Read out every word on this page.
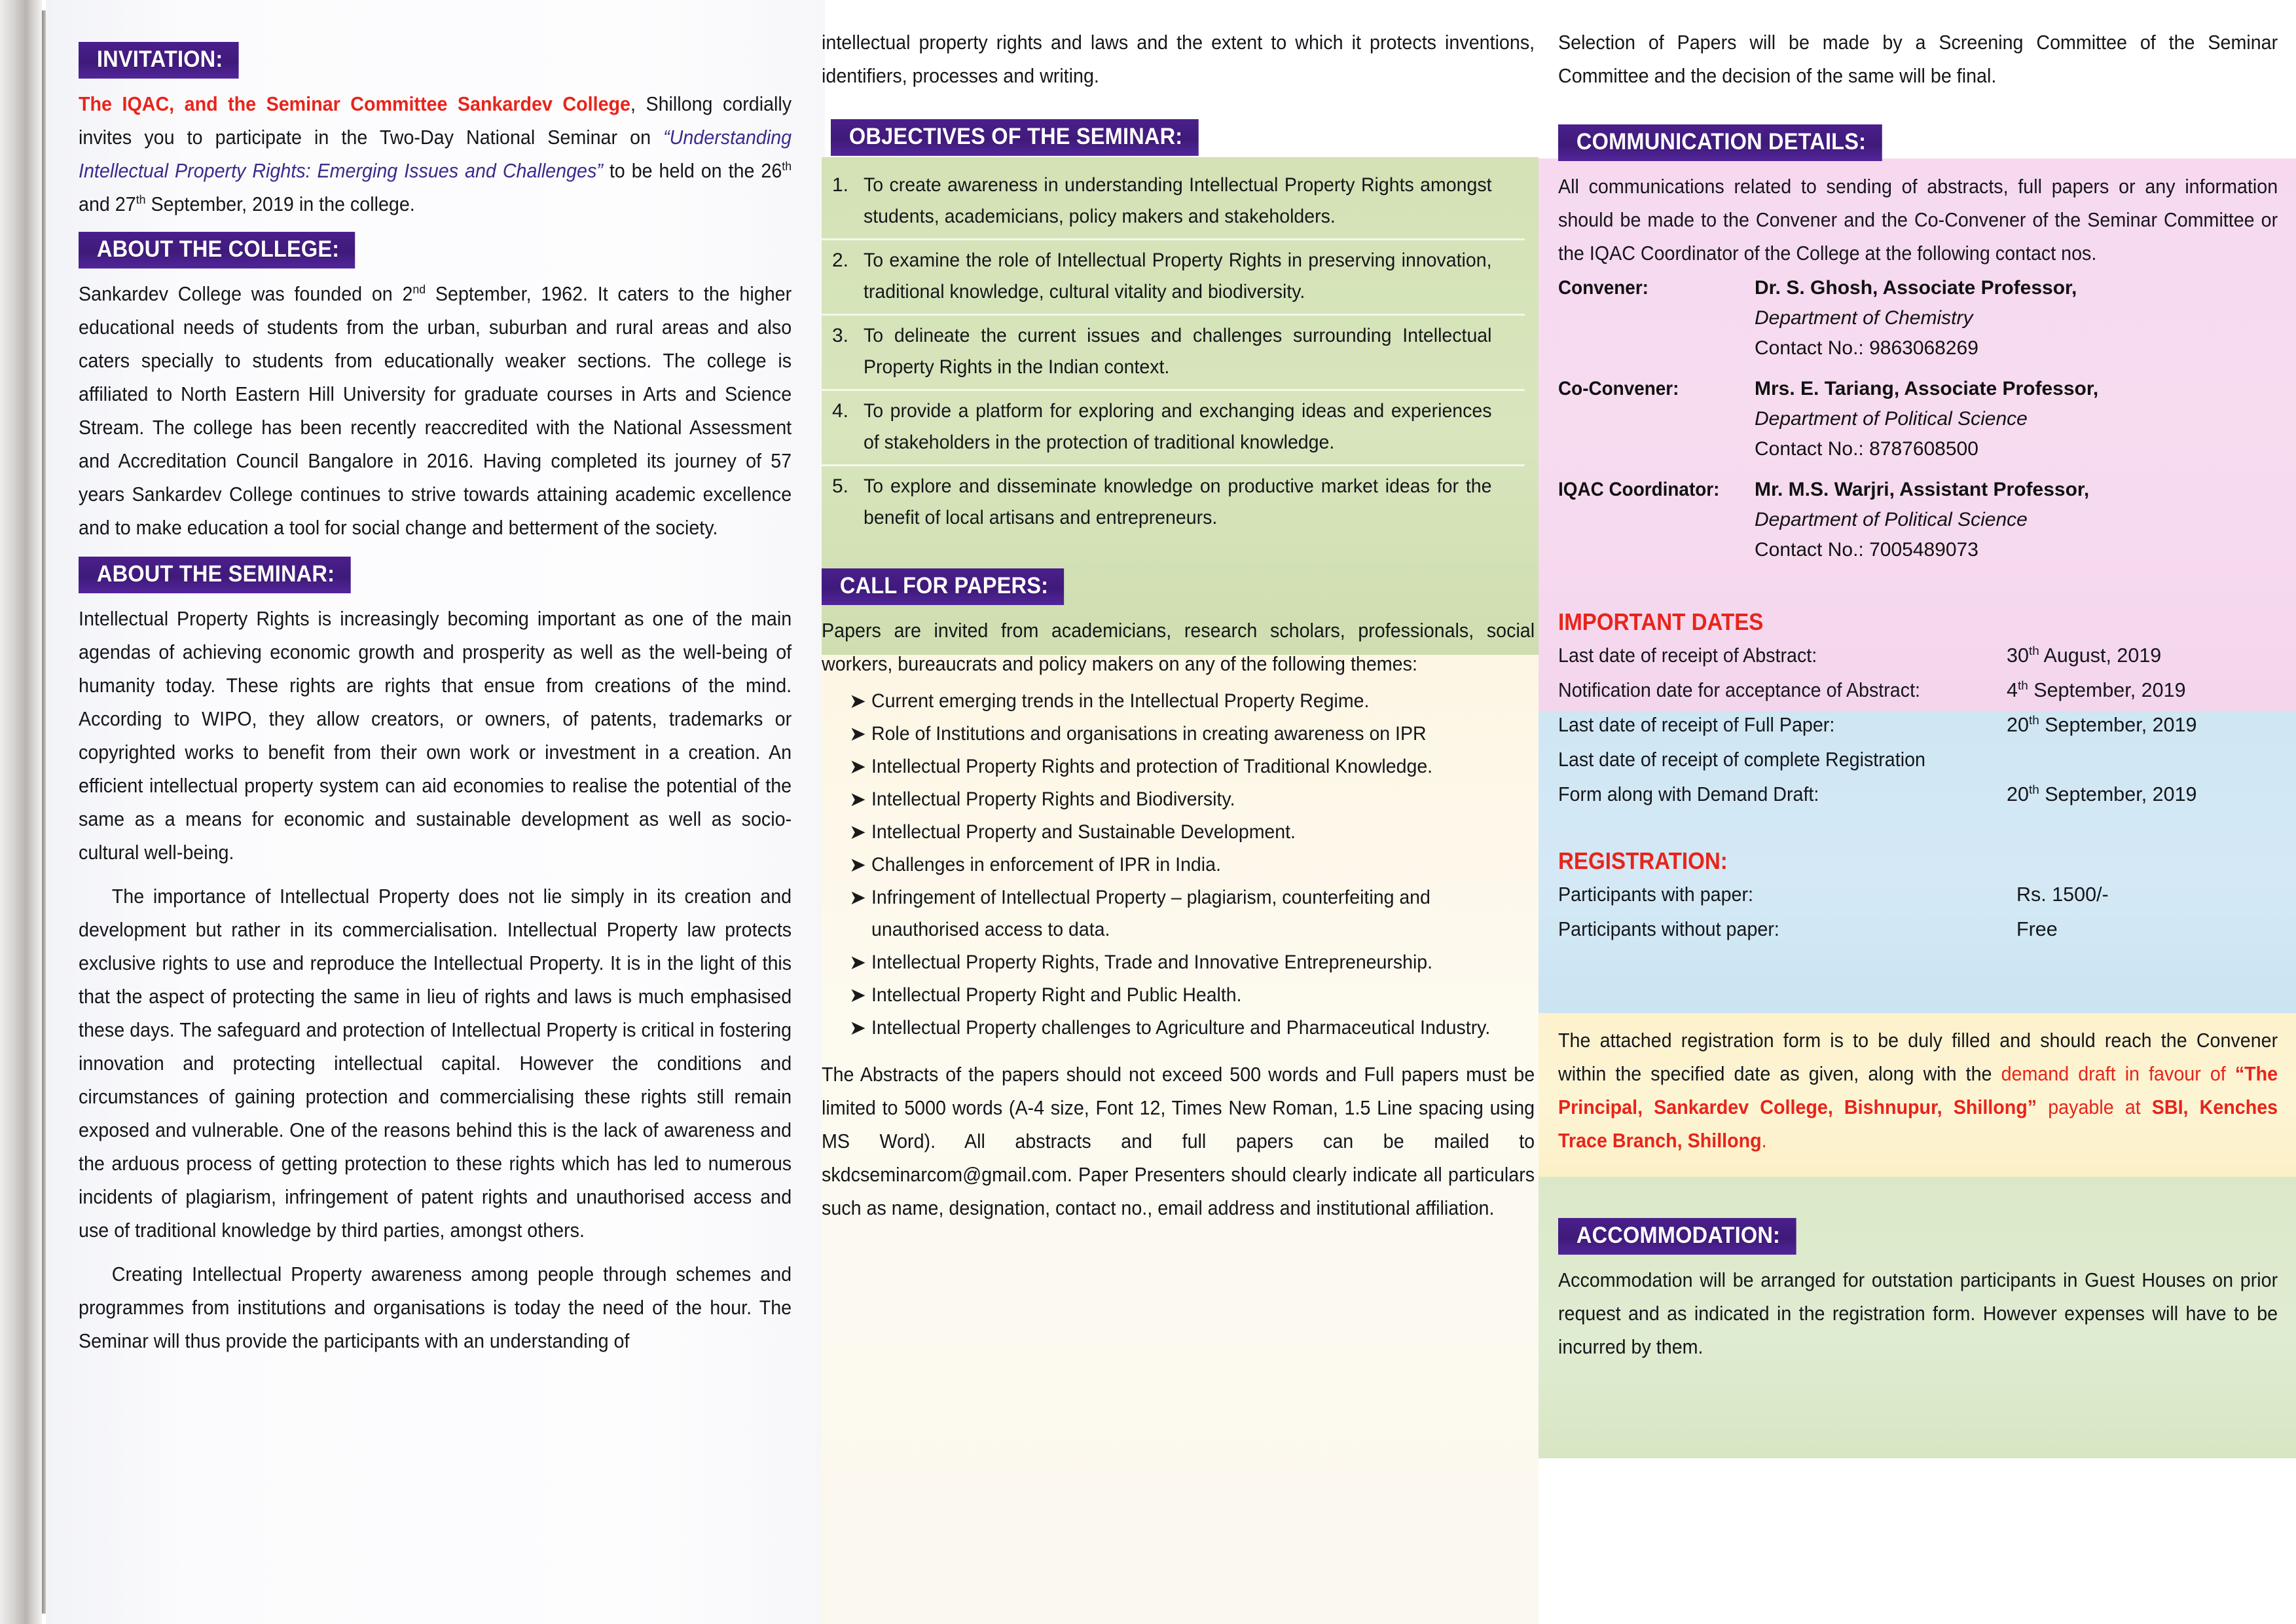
INVITATION:

The IQAC, and the Seminar Committee Sankardev College, Shillong cordially invites you to participate in the Two-Day National Seminar on “Understanding Intellectual Property Rights: Emerging Issues and Challenges” to be held on the 26th and 27th September, 2019 in the college.

ABOUT THE COLLEGE:

Sankardev College was founded on 2nd September, 1962. It caters to the higher educational needs of students from the urban, suburban and rural areas and also caters specially to students from educationally weaker sections. The college is affiliated to North Eastern Hill University for graduate courses in Arts and Science Stream. The college has been recently reaccredited with the National Assessment and Accreditation Council Bangalore in 2016. Having completed its journey of 57 years Sankardev College continues to strive towards attaining academic excellence and to make education a tool for social change and betterment of the society.

ABOUT THE SEMINAR:

Intellectual Property Rights is increasingly becoming important as one of the main agendas of achieving economic growth and prosperity as well as the well-being of humanity today. These rights are rights that ensue from creations of the mind. According to WIPO, they allow creators, or owners, of patents, trademarks or copyrighted works to benefit from their own work or investment in a creation. An efficient intellectual property system can aid economies to realise the potential of the same as a means for economic and sustainable development as well as socio-cultural well-being.

The importance of Intellectual Property does not lie simply in its creation and development but rather in its commercialisation. Intellectual Property law protects exclusive rights to use and reproduce the Intellectual Property. It is in the light of this that the aspect of protecting the same in lieu of rights and laws is much emphasised these days. The safeguard and protection of Intellectual Property is critical in fostering innovation and protecting intellectual capital. However the conditions and circumstances of gaining protection and commercialising these rights still remain exposed and vulnerable. One of the reasons behind this is the lack of awareness and the arduous process of getting protection to these rights which has led to numerous incidents of plagiarism, infringement of patent rights and unauthorised access and use of traditional knowledge by third parties, amongst others.

Creating Intellectual Property awareness among people through schemes and programmes from institutions and organisations is today the need of the hour. The Seminar will thus provide the participants with an understanding of

intellectual property rights and laws and the extent to which it protects inventions, identifiers, processes and writing.

OBJECTIVES OF THE SEMINAR:
1. To create awareness in understanding Intellectual Property Rights amongst students, academicians, policy makers and stakeholders.
2. To examine the role of Intellectual Property Rights in preserving innovation, traditional knowledge, cultural vitality and biodiversity.
3. To delineate the current issues and challenges surrounding Intellectual Property Rights in the Indian context.
4. To provide a platform for exploring and exchanging ideas and experiences of stakeholders in the protection of traditional knowledge.
5. To explore and disseminate knowledge on productive market ideas for the benefit of local artisans and entrepreneurs.
CALL FOR PAPERS:

Papers are invited from academicians, research scholars, professionals, social workers, bureaucrats and policy makers on any of the following themes:

➤ Current emerging trends in the Intellectual Property Regime.
➤ Role of Institutions and organisations in creating awareness on IPR
➤ Intellectual Property Rights and protection of Traditional Knowledge.
➤ Intellectual Property Rights and Biodiversity.
➤ Intellectual Property and Sustainable Development.
➤ Challenges in enforcement of IPR in India.
➤ Infringement of Intellectual Property – plagiarism, counterfeiting and unauthorised access to data.
➤ Intellectual Property Rights, Trade and Innovative Entrepreneurship.
➤ Intellectual Property Right and Public Health.
➤ Intellectual Property challenges to Agriculture and Pharmaceutical Industry.

The Abstracts of the papers should not exceed 500 words and Full papers must be limited to 5000 words (A-4 size, Font 12, Times New Roman, 1.5 Line spacing using MS Word). All abstracts and full papers can be mailed to skdcseminarcom@gmail.com. Paper Presenters should clearly indicate all particulars such as name, designation, contact no., email address and institutional affiliation.

Selection of Papers will be made by a Screening Committee of the Seminar Committee and the decision of the same will be final.

COMMUNICATION DETAILS:

All communications related to sending of abstracts, full papers or any information should be made to the Convener and the Co-Convener of the Seminar Committee or the IQAC Coordinator of the College at the following contact nos.

Convener:	Dr. S. Ghosh, Associate Professor,
Department of Chemistry
Contact No.: 9863068269
Co-Convener:	Mrs. E. Tariang, Associate Professor,
Department of Political Science
Contact No.: 8787608500
IQAC Coordinator:	Mr. M.S. Warjri, Assistant Professor,
Department of Political Science
Contact No.: 7005489073
IMPORTANT DATES
Last date of receipt of Abstract:	30th August, 2019
Notification date for acceptance of Abstract:	4th September, 2019
Last date of receipt of Full Paper:	20th September, 2019
Last date of receipt of complete Registration
Form along with Demand Draft:	20th September, 2019
REGISTRATION:
Participants with paper:	Rs. 1500/-
Participants without paper:	Free

The attached registration form is to be duly filled and should reach the Convener within the specified date as given, along with the demand draft in favour of “The Principal, Sankardev College, Bishnupur, Shillong” payable at SBI, Kenches Trace Branch, Shillong.

ACCOMMODATION:

Accommodation will be arranged for outstation participants in Guest Houses on prior request and as indicated in the registration form. However expenses will have to be incurred by them.
